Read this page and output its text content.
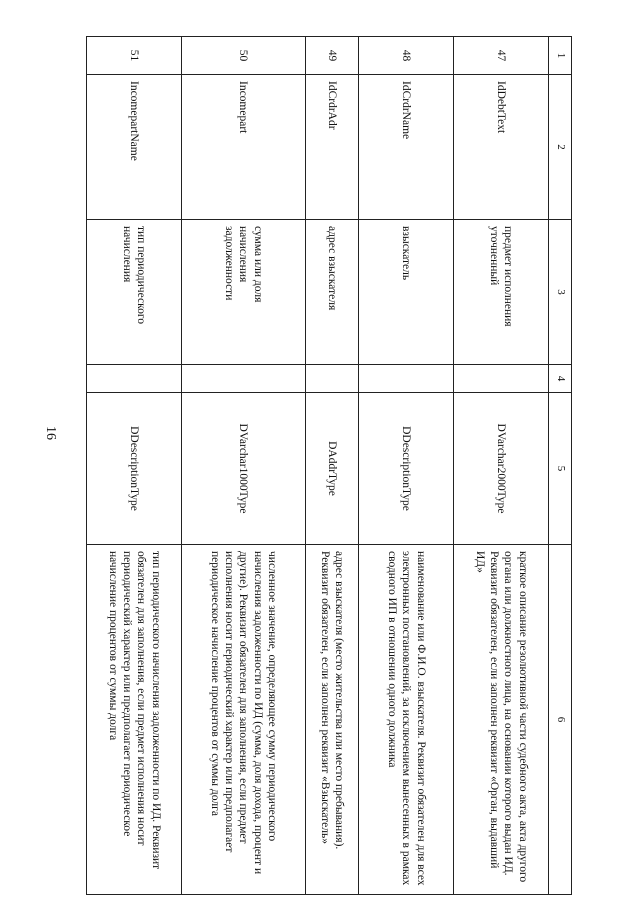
16
1	2	3	4	5	6
47	IdDebtText	предмет исполнения уточненный		DVarchar2000Type	краткое описание резолютивной части судебного акта, акта другого органа или должностного лица, на основании которого выдан ИД. Реквизит обязателен, если заполнен реквизит «Орган, выдавший ИД»
48	IdCrdrName	взыскатель		DDescriptionType	наименование или Ф.И.О. взыскателя. Реквизит обязателен для всех электронных постановлений, за исключением вынесенных в рамках сводного ИП в отношении одного должника
49	IdCrdrAdr	адрес взыскателя		DAddrType	адрес взыскателя (место жительства или место пребывания). Реквизит обязателен, если заполнен реквизит «Взыскатель»
50	Incomepart	сумма или доля начисления задолженности		DVarchar1000Type	численное значение, определяющее сумму периодического начисления задолженности по ИД (сумма, доля дохода, процент и другие). Реквизит обязателен для заполнения, если предмет исполнения носит периодический характер или предполагает периодическое начисление процентов от суммы долга
51	IncomepartName	тип периодического начисления		DDescriptionType	тип периодического начисления задолженности по ИД. Реквизит обязателен для заполнения, если предмет исполнения носит периодический характер или предполагает периодическое начисление процентов от суммы долга
